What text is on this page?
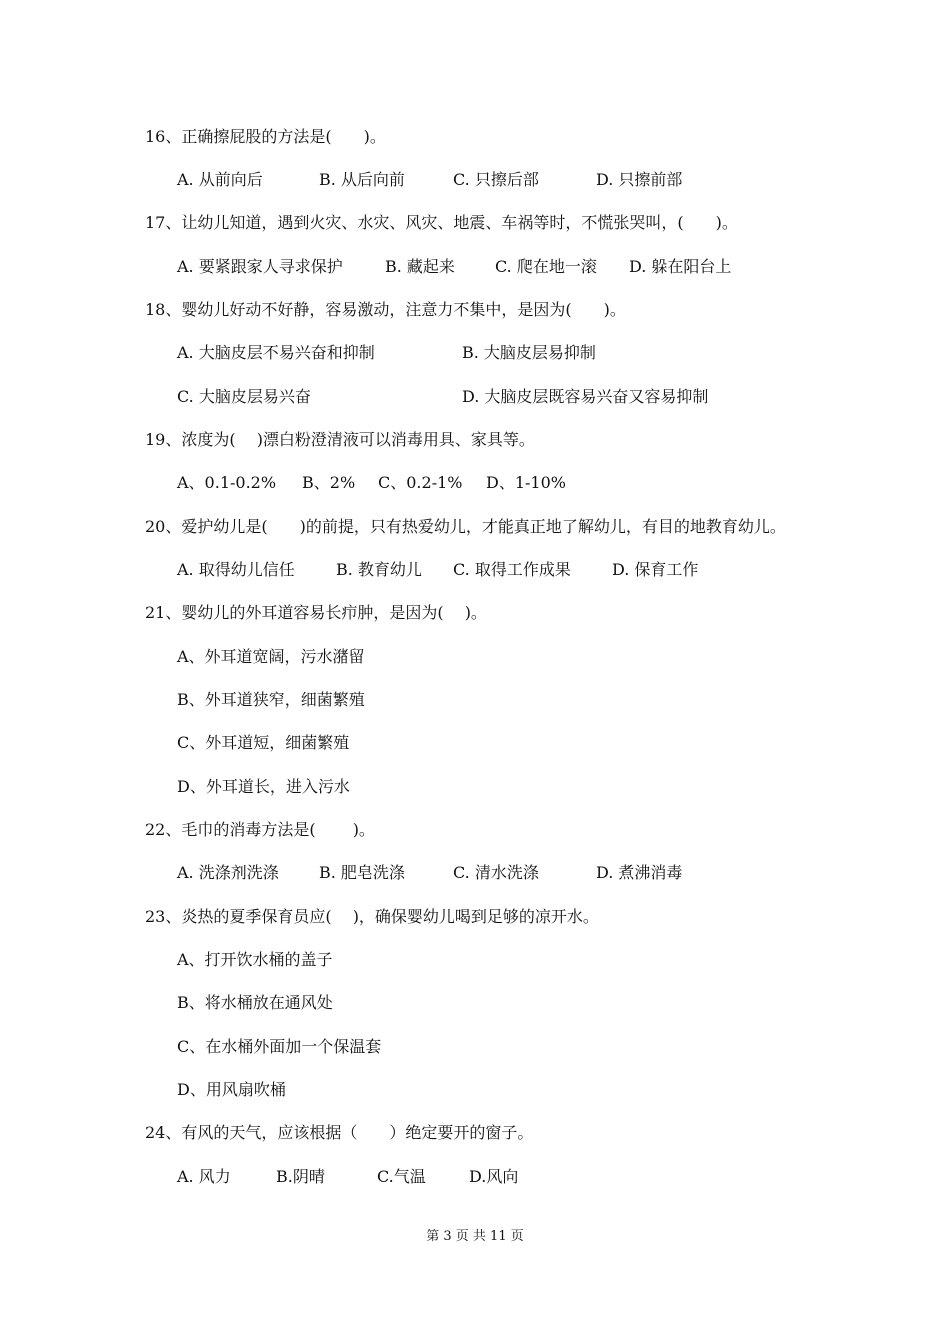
16、正确擦屁股的方法是(　　)。
A. 从前向后	B. 从后向前	C. 只擦后部	D. 只擦前部
17、让幼儿知道，遇到火灾、水灾、风灾、地震、车祸等时，不慌张哭叫，(　　)。
A. 要紧跟家人寻求保护	B. 藏起来	C. 爬在地一滚 D. 躲在阳台上
18、婴幼儿好动不好静，容易激动，注意力不集中，是因为(　　)。
A. 大脑皮层不易兴奋和抑制	B. 大脑皮层易抑制
C. 大脑皮层易兴奋	D. 大脑皮层既容易兴奋又容易抑制
19、浓度为(　 )漂白粉澄清液可以消毒用具、家具等。
A、0.1-0.2% B、2% C、0.2-1% D、1-10%
20、爱护幼儿是(　　)的前提，只有热爱幼儿，才能真正地了解幼儿，有目的地教育幼儿。
A. 取得幼儿信任	B. 教育幼儿 C. 取得工作成果	D. 保育工作
21、婴幼儿的外耳道容易长疖肿，是因为(　 )。
A、外耳道宽阔，污水潴留
B、外耳道狭窄，细菌繁殖
C、外耳道短，细菌繁殖
D、外耳道长，进入污水
22、毛巾的消毒方法是(　　 )。
A. 洗涤剂洗涤	B. 肥皂洗涤	C. 清水洗涤	D. 煮沸消毒
23、炎热的夏季保育员应(　 )，确保婴幼儿喝到足够的凉开水。
A、打开饮水桶的盖子
B、将水桶放在通风处
C、在水桶外面加一个保温套
D、用风扇吹桶
24、有风的天气，应该根据（　　）绝定要开的窗子。
A. 风力	B.阴晴	C.气温	D.风向
第 3 页 共 11 页
